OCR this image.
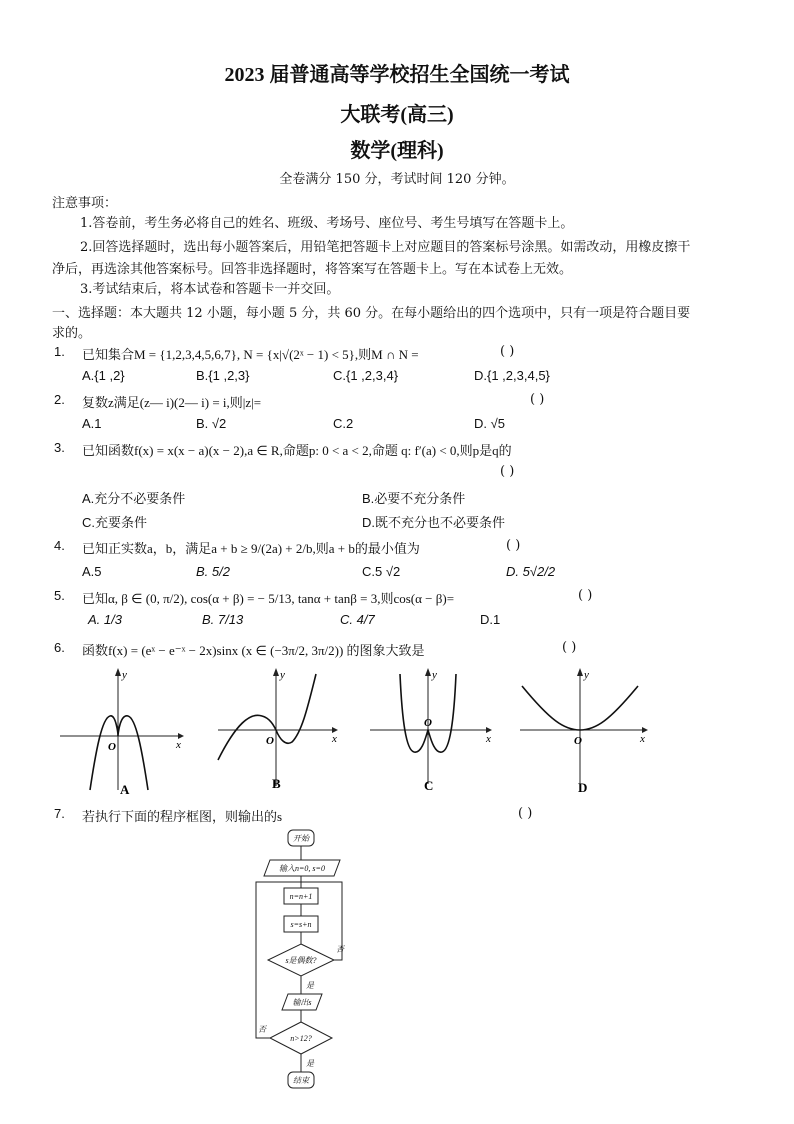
2023 届普通高等学校招生全国统一考试
大联考(高三)
数学(理科)
全卷满分 150 分，考试时间 120 分钟。
注意事项：
1.答卷前，考生务必将自己的姓名、班级、考场号、座位号、考生号填写在答题卡上。
2.回答选择题时，选出每小题答案后，用铅笔把答题卡上对应题目的答案标号涂黑。如需改动，用橡皮擦干
净后，再选涂其他答案标号。回答非选择题时，将答案写在答题卡上。写在本试卷上无效。
3.考试结束后，将本试卷和答题卡一并交回。
一、选择题：本大题共 12 小题，每小题 5 分，共 60 分。在每小题给出的四个选项中，只有一项是符合题目要
求的。
1. 已知集合M = {1,2,3,4,5,6,7}, N = {x|√(2ˣ − 1) < 5},则M ∩ N =	( )
A.{1 ,2}	B.{1 ,2,3}	C.{1 ,2,3,4}	D.{1 ,2,3,4,5}
2. 复数z满足(z— i)(2— i) = i,则|z|=	( )
A.1	B. √2	C.2	D. √5
3. 已知函数f(x) = x(x − a)(x − 2),a ∈ R,命题p: 0 < a < 2,命题 q: f′(a) < 0,则p是q的
( )
A.充分不必要条件	B.必要不充分条件
C.充要条件	D.既不充分也不必要条件
4. 已知正实数a，b，满足a + b ≥ 9/(2a) + 2/b,则a + b的最小值为	( )
A.5	B. 5/2	C.5 √2	D. 5√2/2
5. 已知α, β ∈ (0, π/2), cos(α + β) = − 5/13, tanα + tanβ = 3,则cos(α − β)=	( )
A. 1/3	B. 7/13	C. 4/7	D.1
6. 函数f(x) = (eˣ − e⁻ˣ − 2x)sinx (x ∈ (−3π/2, 3π/2)) 的图象大致是	( )
y
x
O
A
y
x
O
B
y
x
O
C
y
x
O
D
7. 若执行下面的程序框图，则输出的s	( )
开始
输入n=0, s=0
n=n+1
s=s+n
s是偶数?
否
是
输出s
n>12?
否
是
结束
